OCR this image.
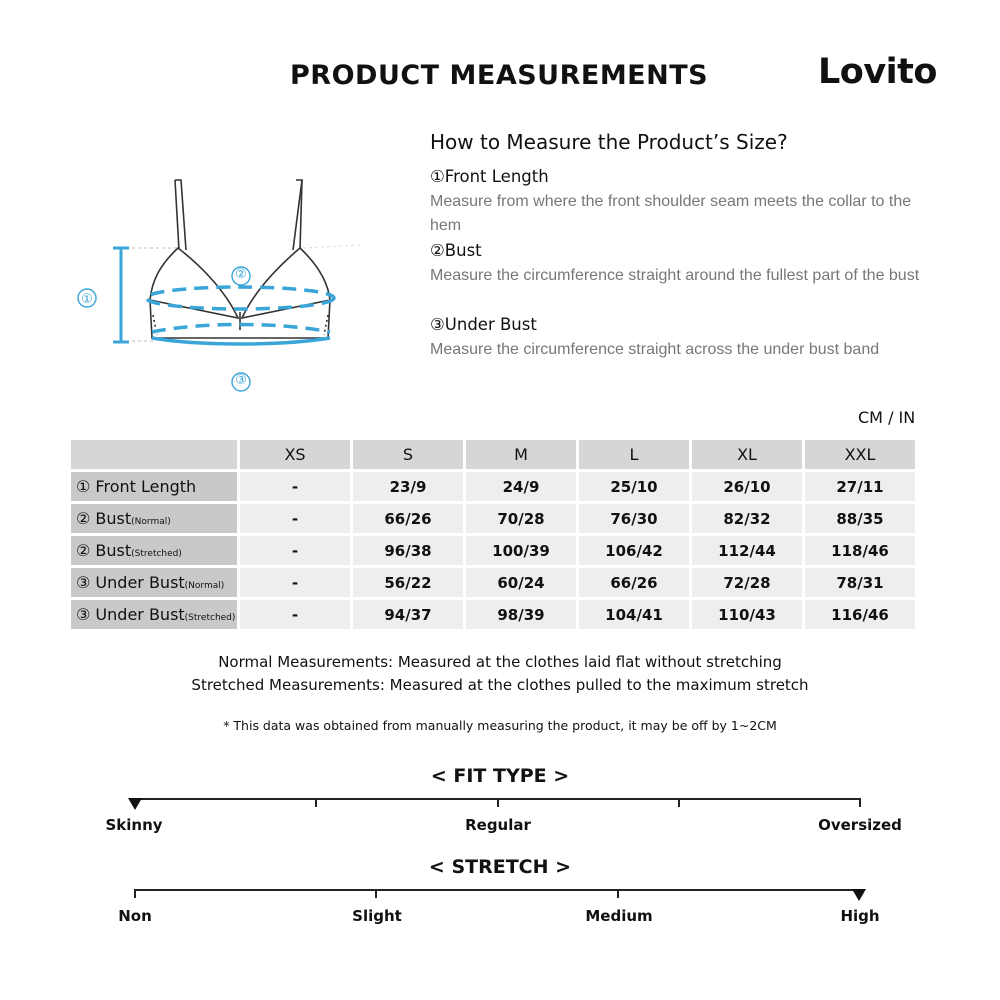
PRODUCT MEASUREMENTS	Lovito
①
How to Measure the Product’s Size?
①Front Length
Measure from where the front shoulder seam meets the collar to the hem
②Bust
Measure the circumference straight around the fullest part of the bust
③Under Bust
Measure the circumference straight across the under bust band
CM / IN
	XS	S	M	L	XL	XXL
① Front Length	-	23/9	24/9	25/10	26/10	27/11
② Bust(Normal)	-	66/26	70/28	76/30	82/32	88/35
② Bust(Stretched)	-	96/38	100/39	106/42	112/44	118/46
③ Under Bust(Normal)	-	56/22	60/24	66/26	72/28	78/31
③ Under Bust(Stretched)	-	94/37	98/39	104/41	110/43	116/46
Normal Measurements: Measured at the clothes laid flat without stretching
Stretched Measurements: Measured at the clothes pulled to the maximum stretch
* This data was obtained from manually measuring the product, it may be off by 1~2CM
< FIT TYPE >
Skinny	Regular	Oversized
< STRETCH >
Non	Slight	Medium	High
②
③
